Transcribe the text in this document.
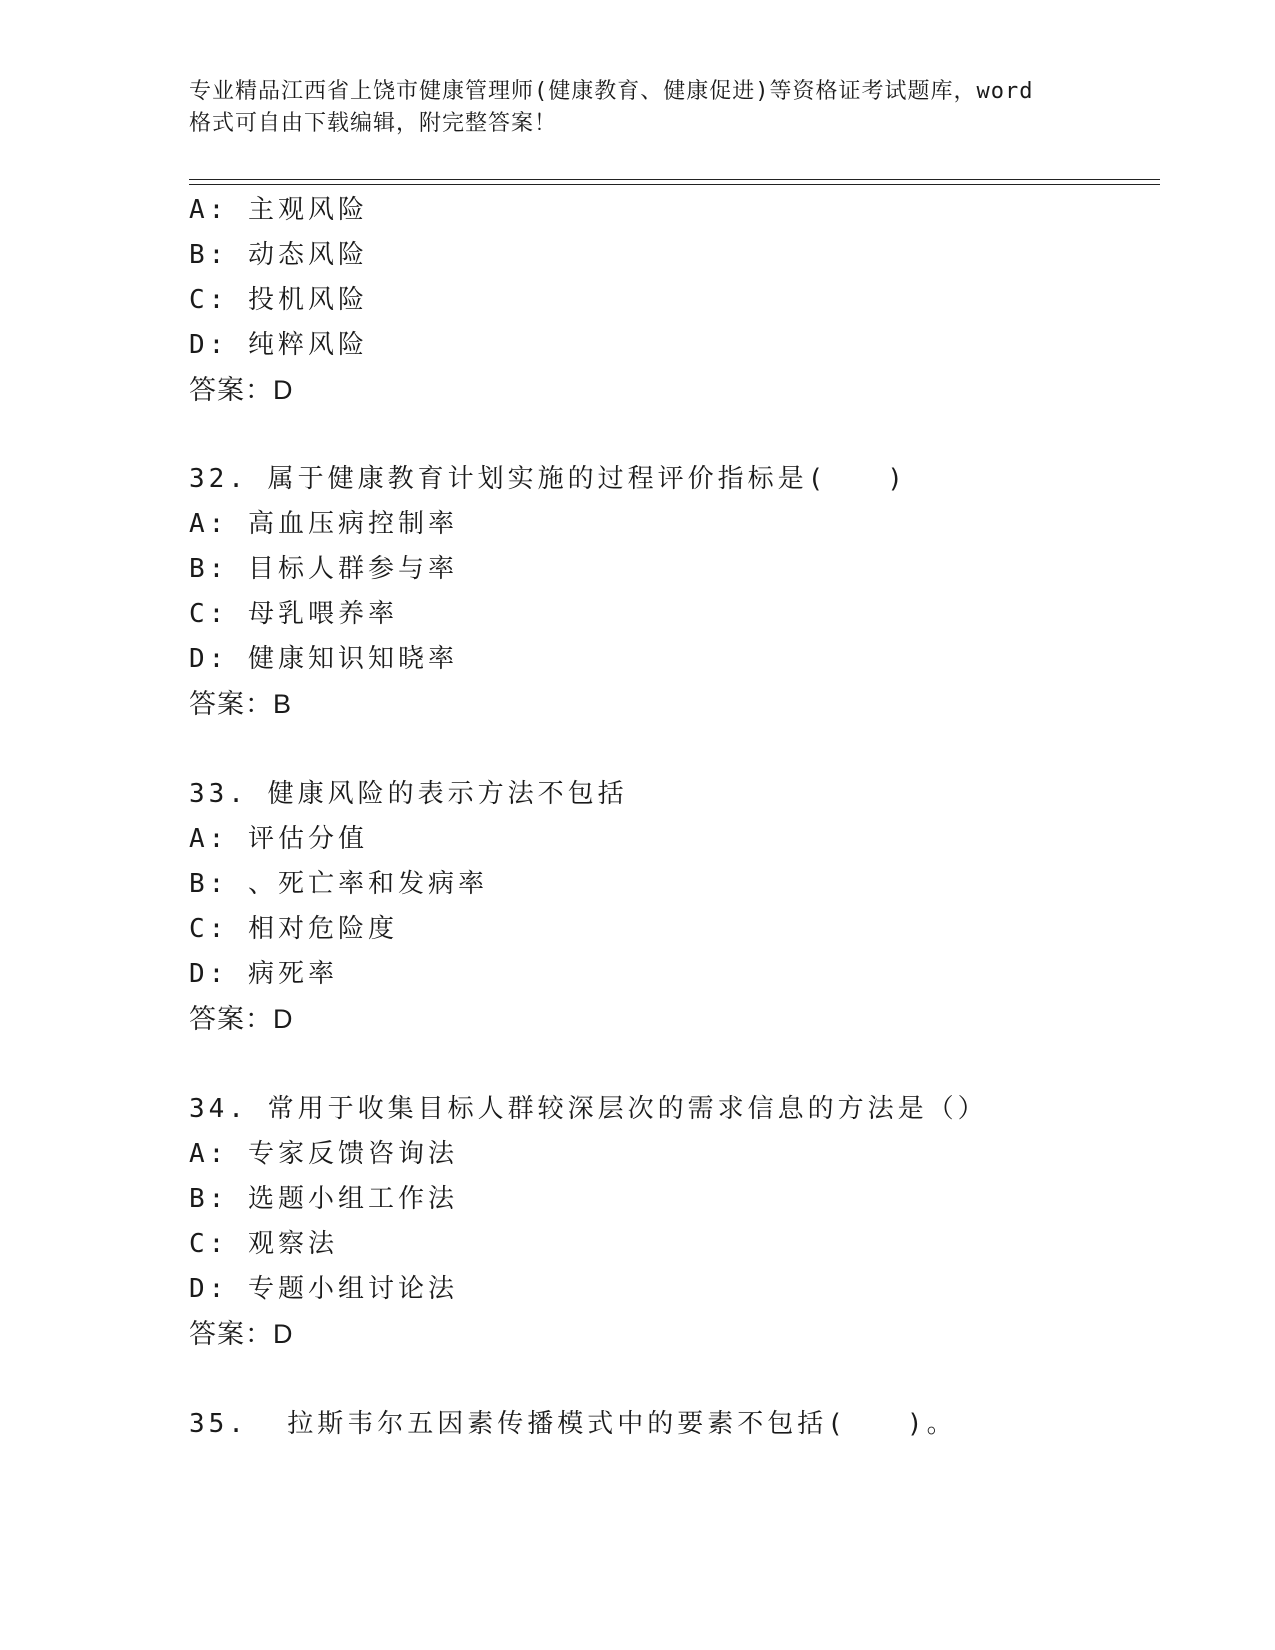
专业精品江西省上饶市健康管理师(健康教育、健康促进)等资格证考试题库，word
格式可自由下载编辑，附完整答案！
A: 主观风险
B: 动态风险
C: 投机风险
D: 纯粹风险
答案：D
32. 属于健康教育计划实施的过程评价指标是(　　)
A: 高血压病控制率
B: 目标人群参与率
C: 母乳喂养率
D: 健康知识知晓率
答案：B
33. 健康风险的表示方法不包括
A: 评估分值
B: 、死亡率和发病率
C: 相对危险度
D: 病死率
答案：D
34. 常用于收集目标人群较深层次的需求信息的方法是（）
A: 专家反馈咨询法
B: 选题小组工作法
C: 观察法
D: 专题小组讨论法
答案：D
35.  拉斯韦尔五因素传播模式中的要素不包括(　　)。
